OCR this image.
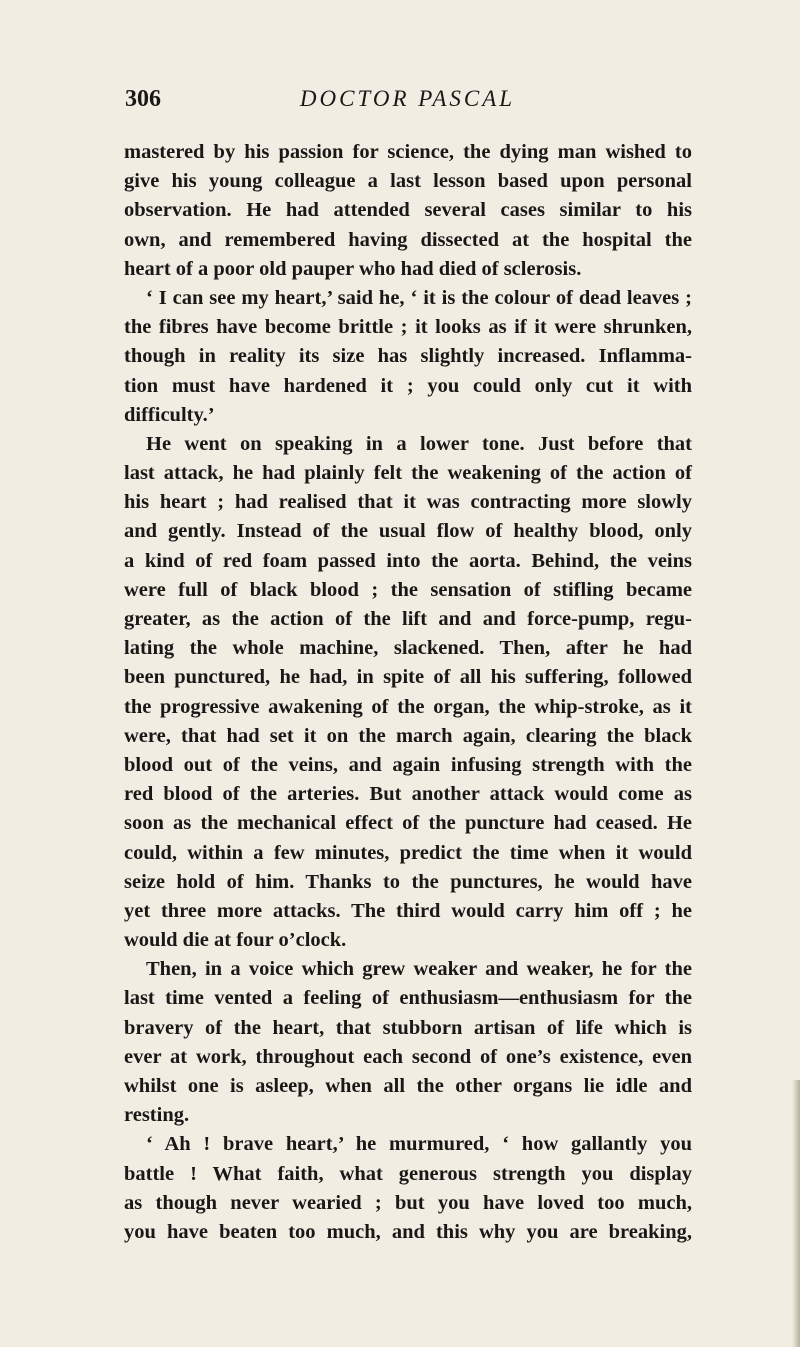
306	DOCTOR PASCAL
mastered by his passion for science, the dying man wished to
give his young colleague a last lesson based upon personal
observation. He had attended several cases similar to his
own, and remembered having dissected at the hospital the
heart of a poor old pauper who had died of sclerosis.
‘ I can see my heart,’ said he, ‘ it is the colour of dead leaves ;
the fibres have become brittle ; it looks as if it were shrunken,
though in reality its size has slightly increased. Inflamma-
tion must have hardened it ; you could only cut it with
difficulty.’
He went on speaking in a lower tone. Just before that
last attack, he had plainly felt the weakening of the action of
his heart ; had realised that it was contracting more slowly
and gently. Instead of the usual flow of healthy blood, only
a kind of red foam passed into the aorta. Behind, the veins
were full of black blood ; the sensation of stifling became
greater, as the action of the lift and and force-pump, regu-
lating the whole machine, slackened. Then, after he had
been punctured, he had, in spite of all his suffering, followed
the progressive awakening of the organ, the whip-stroke, as it
were, that had set it on the march again, clearing the black
blood out of the veins, and again infusing strength with the
red blood of the arteries. But another attack would come as
soon as the mechanical effect of the puncture had ceased. He
could, within a few minutes, predict the time when it would
seize hold of him. Thanks to the punctures, he would have
yet three more attacks. The third would carry him off ; he
would die at four o’clock.
Then, in a voice which grew weaker and weaker, he for the
last time vented a feeling of enthusiasm—enthusiasm for the
bravery of the heart, that stubborn artisan of life which is
ever at work, throughout each second of one’s existence, even
whilst one is asleep, when all the other organs lie idle and
resting.
‘ Ah ! brave heart,’ he murmured, ‘ how gallantly you
battle ! What faith, what generous strength you display
as though never wearied ; but you have loved too much,
you have beaten too much, and this why you are breaking,
